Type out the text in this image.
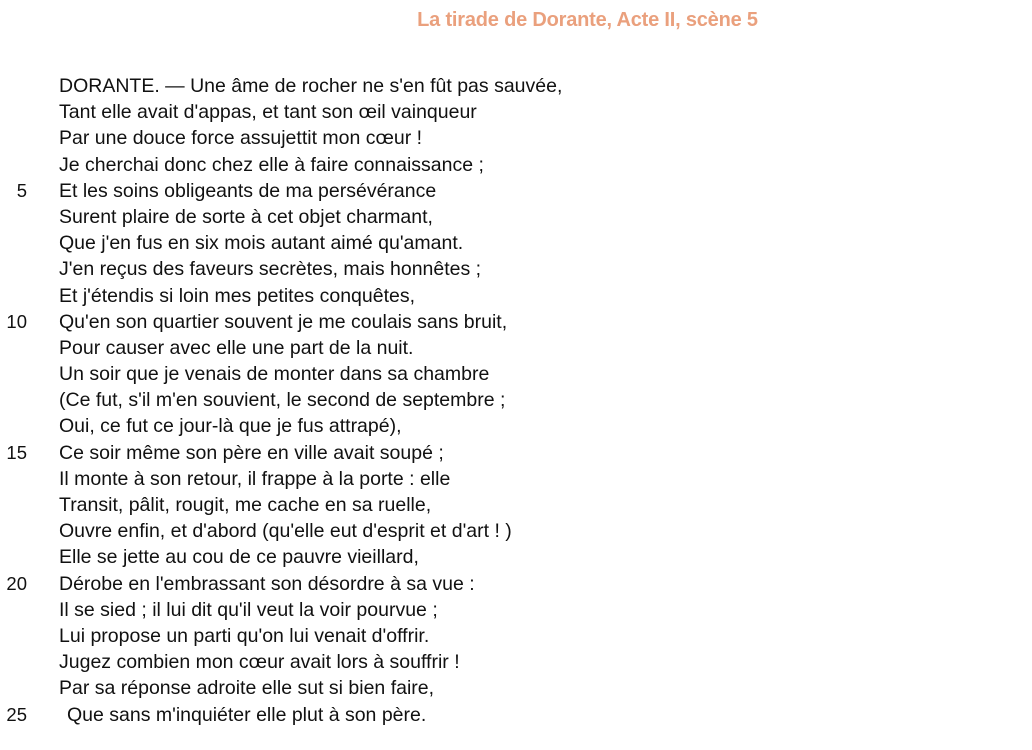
La tirade de Dorante, Acte II, scène 5
DORANTE. — Une âme de rocher ne s'en fût pas sauvée,
Tant elle avait d'appas, et tant son œil vainqueur
Par une douce force assujettit mon cœur !
Je cherchai donc chez elle à faire connaissance ;
5 Et les soins obligeants de ma persévérance
Surent plaire de sorte à cet objet charmant,
Que j'en fus en six mois autant aimé qu'amant.
J'en reçus des faveurs secrètes, mais honnêtes ;
Et j'étendis si loin mes petites conquêtes,
10 Qu'en son quartier souvent je me coulais sans bruit,
Pour causer avec elle une part de la nuit.
Un soir que je venais de monter dans sa chambre
(Ce fut, s'il m'en souvient, le second de septembre ;
Oui, ce fut ce jour-là que je fus attrapé),
15 Ce soir même son père en ville avait soupé ;
Il monte à son retour, il frappe à la porte : elle
Transit, pâlit, rougit, me cache en sa ruelle,
Ouvre enfin, et d'abord (qu'elle eut d'esprit et d'art ! )
Elle se jette au cou de ce pauvre vieillard,
20 Dérobe en l'embrassant son désordre à sa vue :
Il se sied ; il lui dit qu'il veut la voir pourvue ;
Lui propose un parti qu'on lui venait d'offrir.
Jugez combien mon cœur avait lors à souffrir !
Par sa réponse adroite elle sut si bien faire,
25 Que sans m'inquiéter elle plut à son père.
